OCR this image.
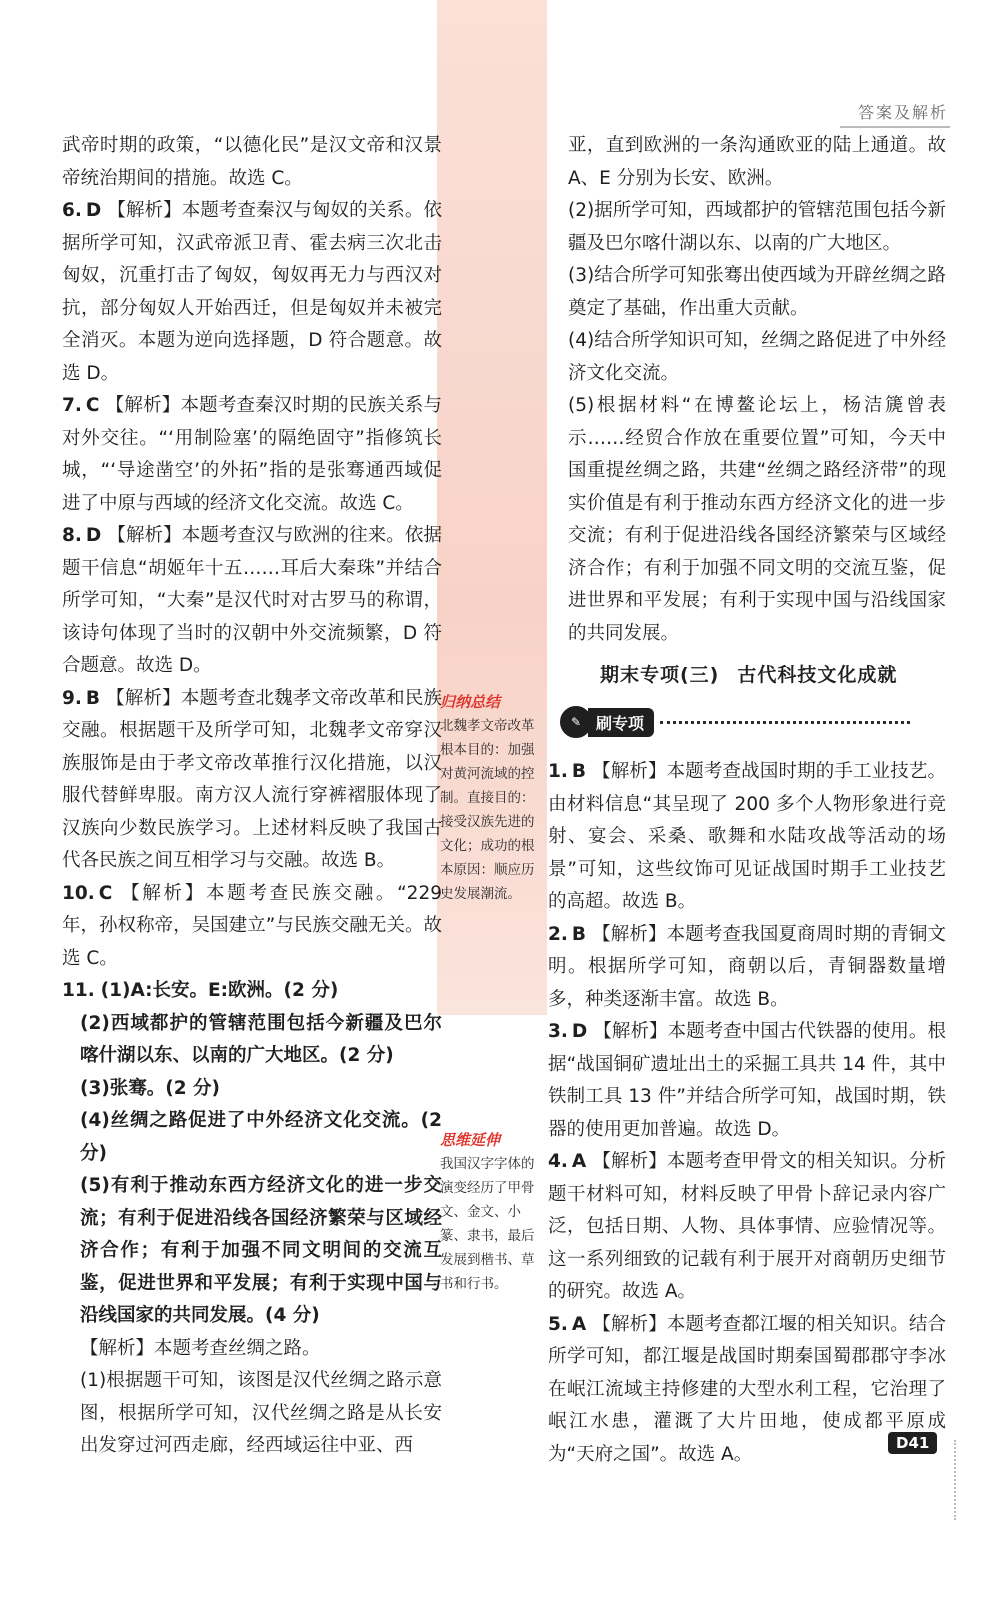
答案及解析

武帝时期的政策，“以德化民”是汉文帝和汉景帝统治期间的措施。故选 C。

6. D 【解析】本题考查秦汉与匈奴的关系。依据所学可知，汉武帝派卫青、霍去病三次北击匈奴，沉重打击了匈奴，匈奴再无力与西汉对抗，部分匈奴人开始西迁，但是匈奴并未被完全消灭。本题为逆向选择题，D 符合题意。故选 D。

7. C 【解析】本题考查秦汉时期的民族关系与对外交往。“‘用制险塞’的隔绝固守”指修筑长城，“‘导途凿空’的外拓”指的是张骞通西域促进了中原与西域的经济文化交流。故选 C。

8. D 【解析】本题考查汉与欧洲的往来。依据题干信息“胡姬年十五……耳后大秦珠”并结合所学可知，“大秦”是汉代时对古罗马的称谓，该诗句体现了当时的汉朝中外交流频繁，D 符合题意。故选 D。

9. B 【解析】本题考查北魏孝文帝改革和民族交融。根据题干及所学可知，北魏孝文帝穿汉族服饰是由于孝文帝改革推行汉化措施，以汉服代替鲜卑服。南方汉人流行穿裤褶服体现了汉族向少数民族学习。上述材料反映了我国古代各民族之间互相学习与交融。故选 B。

10. C 【解析】本题考查民族交融。“229 年，孙权称帝，吴国建立”与民族交融无关。故选 C。

11. (1)A:长安。E:欧洲。(2 分)

(2)西域都护的管辖范围包括今新疆及巴尔喀什湖以东、以南的广大地区。(2 分)

(3)张骞。(2 分)

(4)丝绸之路促进了中外经济文化交流。(2 分)

(5)有利于推动东西方经济文化的进一步交流；有利于促进沿线各国经济繁荣与区域经济合作；有利于加强不同文明间的交流互鉴，促进世界和平发展；有利于实现中国与沿线国家的共同发展。(4 分)

【解析】本题考查丝绸之路。

(1)根据题干可知，该图是汉代丝绸之路示意图，根据所学可知，汉代丝绸之路是从长安出发穿过河西走廊，经西域运往中亚、西

归纳总结
北魏孝文帝改革 根本目的：加强对黄河流域的控制。直接目的：接受汉族先进的文化；成功的根本原因：顺应历史发展潮流。
思维延伸
我国汉字字体的演变经历了甲骨文、金文、小篆、隶书，最后发展到楷书、草书和行书。

亚，直到欧洲的一条沟通欧亚的陆上通道。故 A、E 分别为长安、欧洲。

(2)据所学可知，西域都护的管辖范围包括今新疆及巴尔喀什湖以东、以南的广大地区。

(3)结合所学可知张骞出使西域为开辟丝绸之路奠定了基础，作出重大贡献。

(4)结合所学知识可知，丝绸之路促进了中外经济文化交流。

(5)根据材料“在博鳌论坛上，杨洁篪曾表示……经贸合作放在重要位置”可知，今天中国重提丝绸之路，共建“丝绸之路经济带”的现实价值是有利于推动东西方经济文化的进一步交流；有利于促进沿线各国经济繁荣与区域经济合作；有利于加强不同文明的交流互鉴，促进世界和平发展；有利于实现中国与沿线国家的共同发展。

期末专项(三) 古代科技文化成就
✎ 刷专项

1. B 【解析】本题考查战国时期的手工业技艺。由材料信息“其呈现了 200 多个人物形象进行竞射、宴会、采桑、歌舞和水陆攻战等活动的场景”可知，这些纹饰可见证战国时期手工业技艺的高超。故选 B。

2. B 【解析】本题考查我国夏商周时期的青铜文明。根据所学可知，商朝以后，青铜器数量增多，种类逐渐丰富。故选 B。

3. D 【解析】本题考查中国古代铁器的使用。根据“战国铜矿遗址出土的采掘工具共 14 件，其中铁制工具 13 件”并结合所学可知，战国时期，铁器的使用更加普遍。故选 D。

4. A 【解析】本题考查甲骨文的相关知识。分析题干材料可知，材料反映了甲骨卜辞记录内容广泛，包括日期、人物、具体事情、应验情况等。这一系列细致的记载有利于展开对商朝历史细节的研究。故选 A。

5. A 【解析】本题考查都江堰的相关知识。结合所学可知，都江堰是战国时期秦国蜀郡郡守李冰在岷江流域主持修建的大型水利工程，它治理了岷江水患，灌溉了大片田地，使成都平原成为“天府之国”。故选 A。

D41
